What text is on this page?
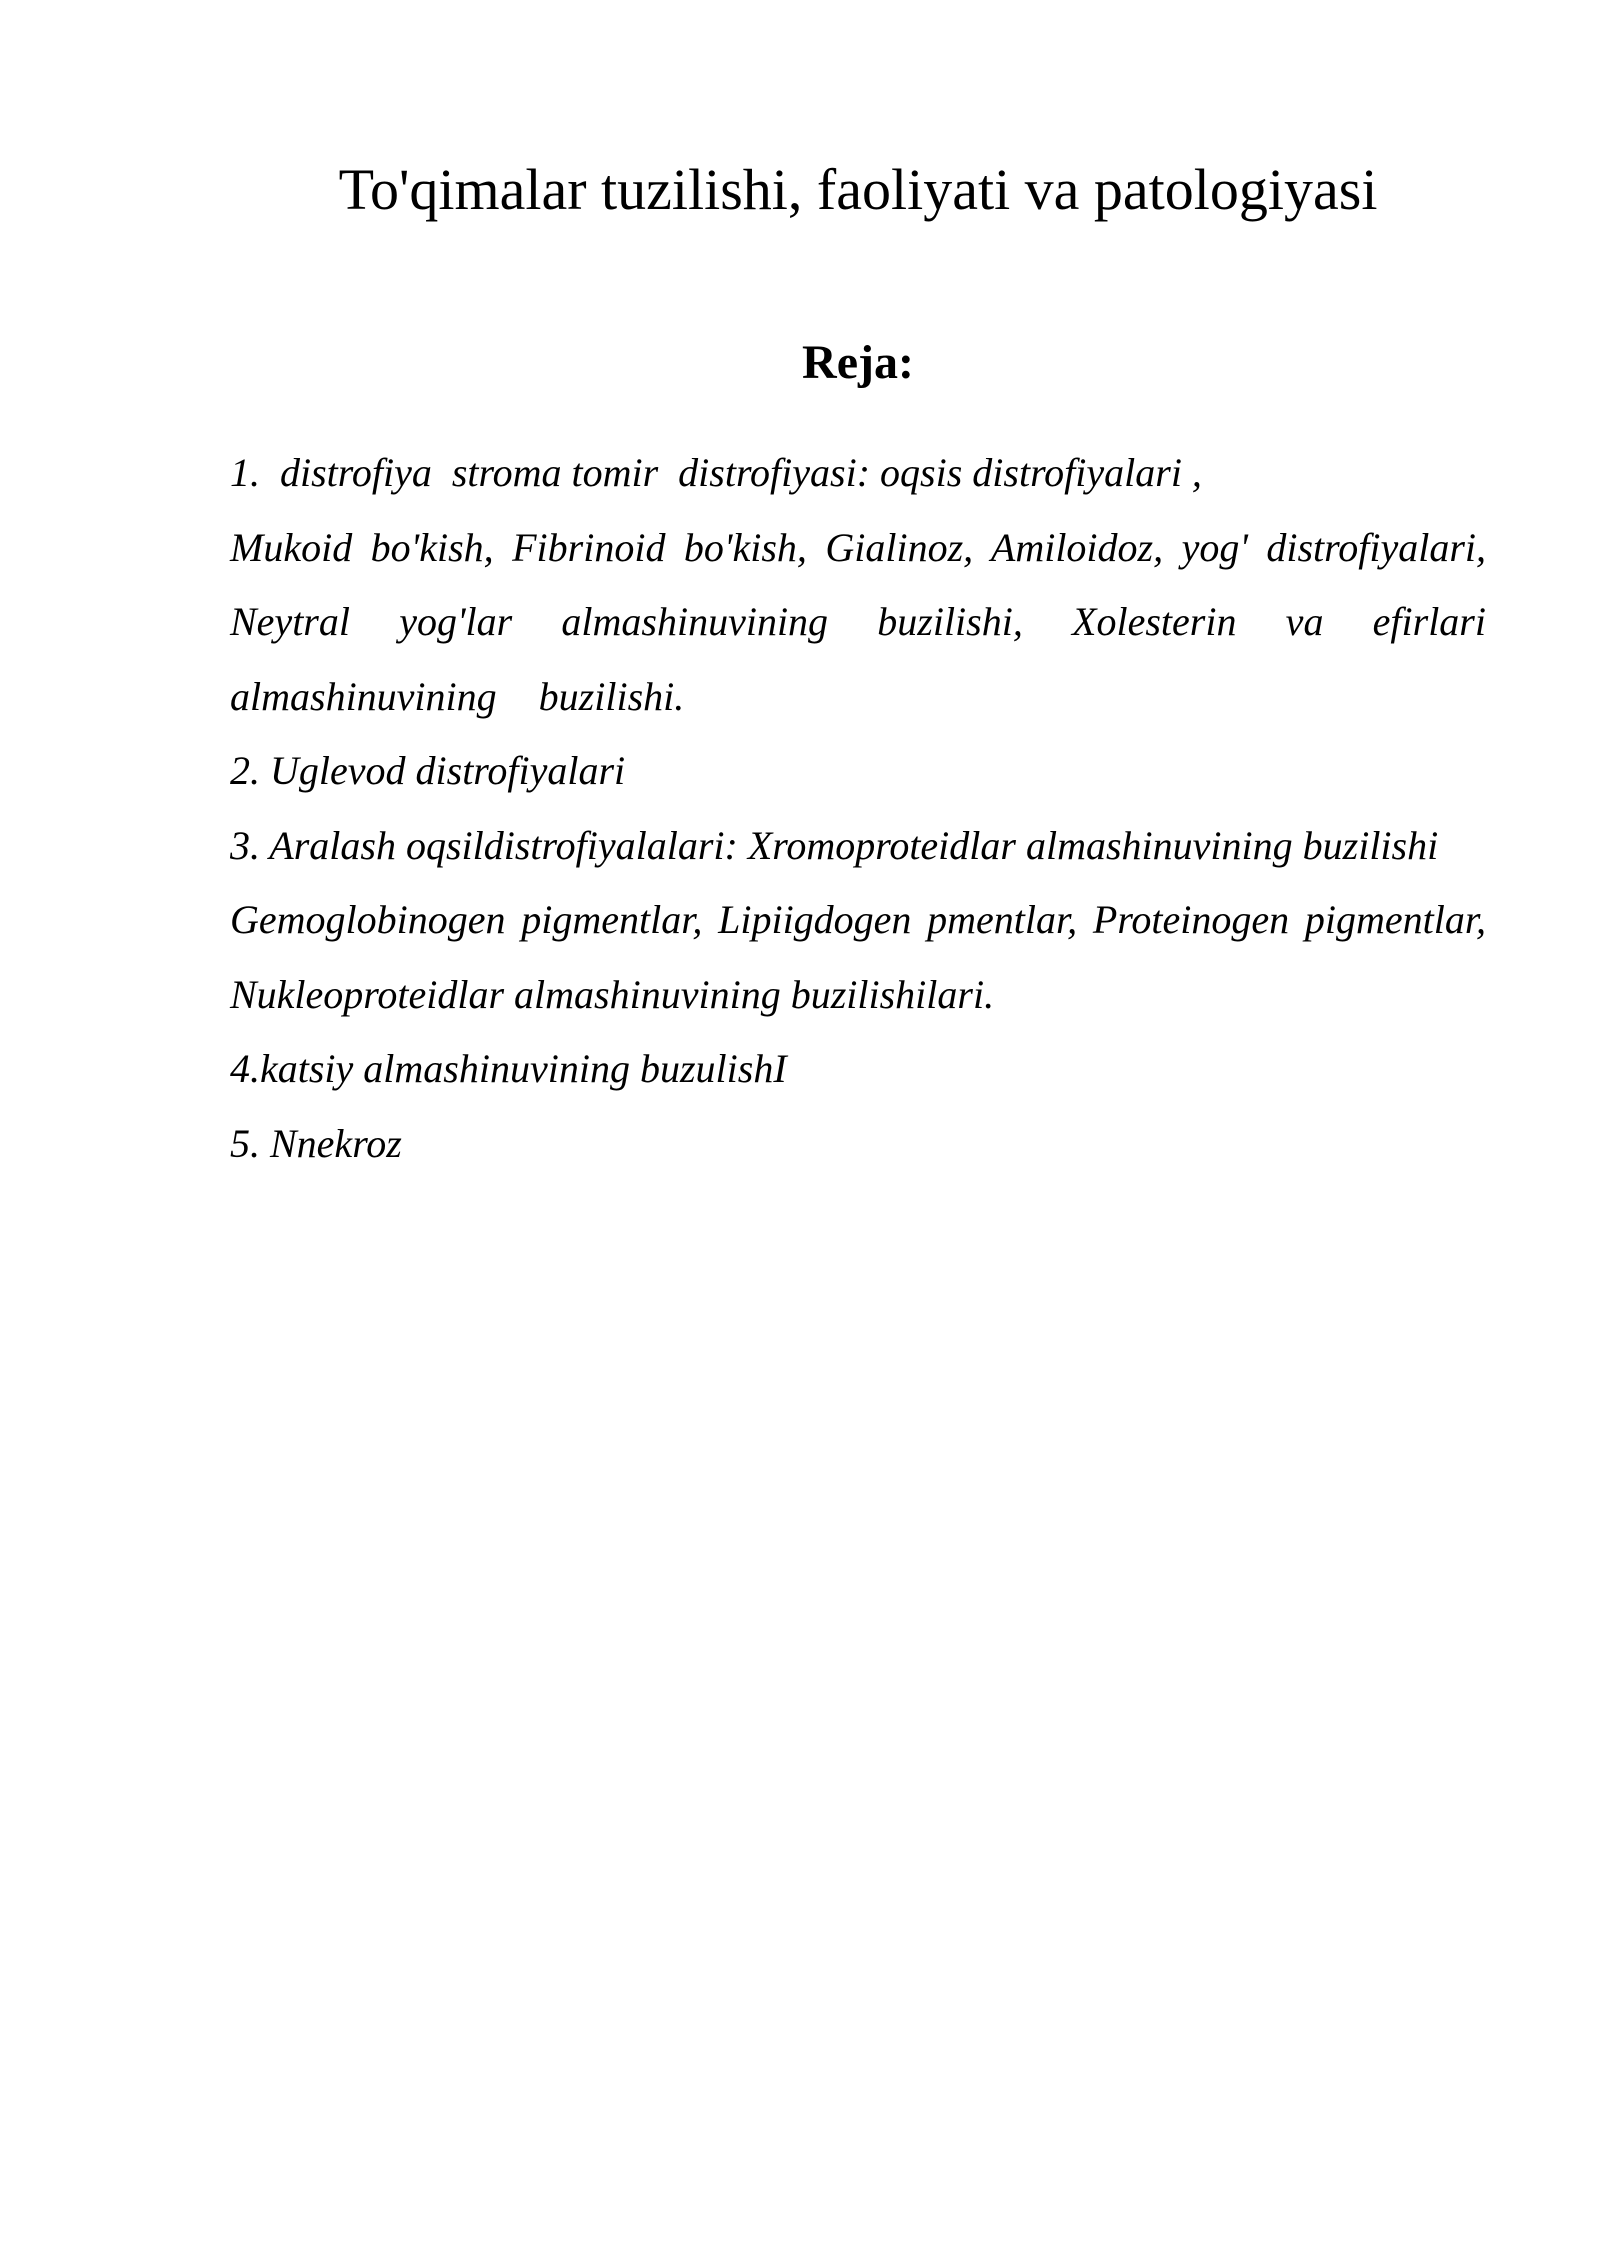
To'qimalar tuzilishi, faoliyati va patologiyasi
Reja:

1.  distrofiya  stroma tomir  distrofiyasi: oqsis distrofiyalari ,

Mukoid bo'kish, Fibrinoid bo'kish, Gialinoz, Amiloidoz, yog' distrofiyalari, Neytral yog'lar almashinuvining buzilishi, Xolesterin va efirlari almashinuvining buzilishi.

2. Uglevod distrofiyalari

3. Aralash oqsildistrofiyalalari: Xromoproteidlar almashinuvining buzilishi

Gemoglobinogen pigmentlar, Lipiigdogen pmentlar, Proteinogen pigmentlar, Nukleoproteidlar almashinuvining buzilishilari.

4.katsiy almashinuvining buzulishI

5. Nnekroz
